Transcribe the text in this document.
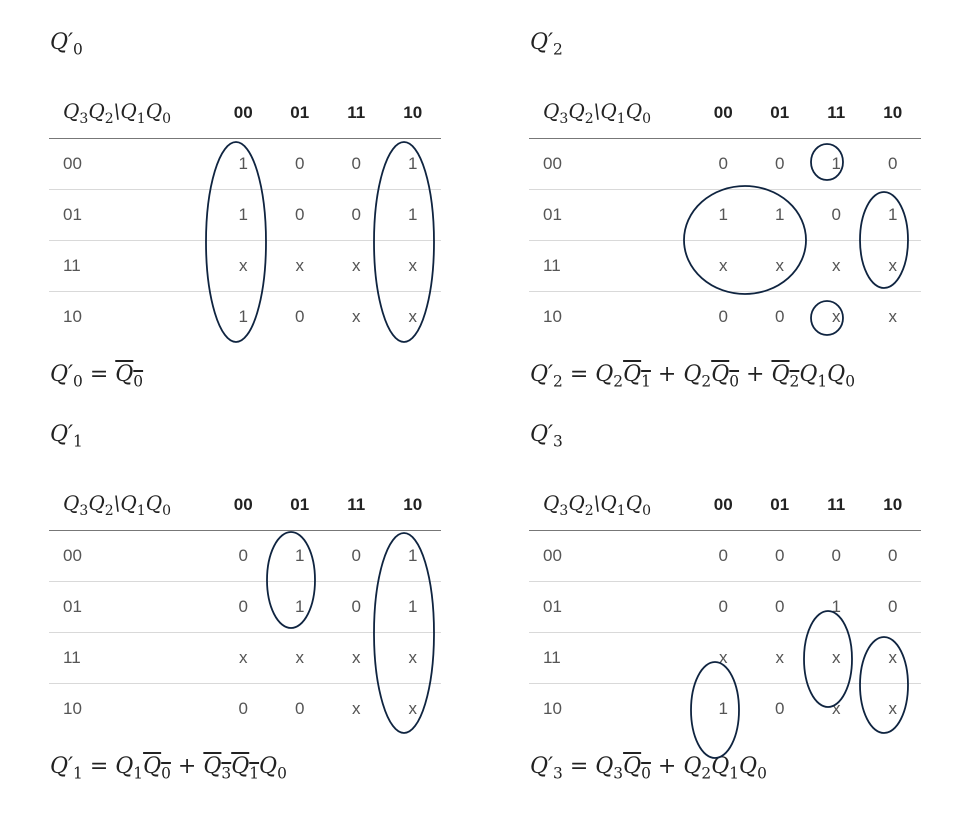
$Q'_0$
$Q_3Q_2\backslash Q_1Q_0$	00	01	11	10
00	1	0	0	1
01	1	0	0	1
11	x	x	x	x
10	1	0	x	x
$Q'_0 = Q_0$
$Q'_2$
$Q_3Q_2\backslash Q_1Q_0$	00	01	11	10
00	0	0	1	0
01	1	1	0	1
11	x	x	x	x
10	0	0	x	x
$Q'_2 = Q_2Q_1 + Q_2Q_0 + Q_2Q_1Q_0$
$Q'_1$
$Q_3Q_2\backslash Q_1Q_0$	00	01	11	10
00	0	1	0	1
01	0	1	0	1
11	x	x	x	x
10	0	0	x	x
$Q'_1 = Q_1Q_0 + Q_3Q_1Q_0$
$Q'_3$
$Q_3Q_2\backslash Q_1Q_0$	00	01	11	10
00	0	0	0	0
01	0	0	1	0
11	x	x	x	x
10	1	0	x	x
$Q'_3 = Q_3Q_0 + Q_2Q_1Q_0$
